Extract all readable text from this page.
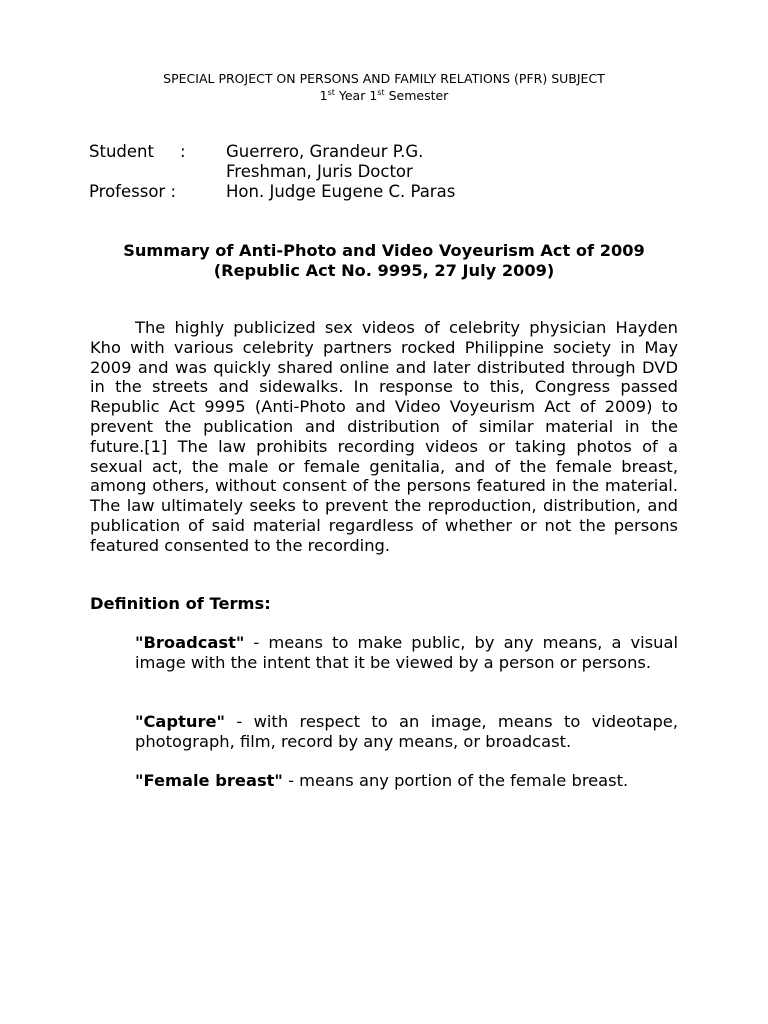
SPECIAL PROJECT ON PERSONS AND FAMILY RELATIONS (PFR) SUBJECT
1st Year 1st Semester
Student : Guerrero, Grandeur P.G.
Freshman, Juris Doctor
Professor :	Hon. Judge Eugene C. Paras
Summary of Anti-Photo and Video Voyeurism Act of 2009
(Republic Act No. 9995, 27 July 2009)
The highly publicized sex videos of celebrity physician Hayden Kho with various celebrity partners rocked Philippine society in May 2009 and was quickly shared online and later distributed through DVD in the streets and sidewalks. In response to this, Congress passed Republic Act 9995 (Anti-Photo and Video Voyeurism Act of 2009) to prevent the publication and distribution of similar material in the future.[1] The law prohibits recording videos or taking photos of a sexual act, the male or female genitalia, and of the female breast, among others, without consent of the persons featured in the material. The law ultimately seeks to prevent the reproduction, distribution, and publication of said material regardless of whether or not the persons featured consented to the recording.
Definition of Terms:
"Broadcast" - means to make public, by any means, a visual image with the intent that it be viewed by a person or persons.
"Capture" - with respect to an image, means to videotape, photograph, film, record by any means, or broadcast.
"Female breast" - means any portion of the female breast.
